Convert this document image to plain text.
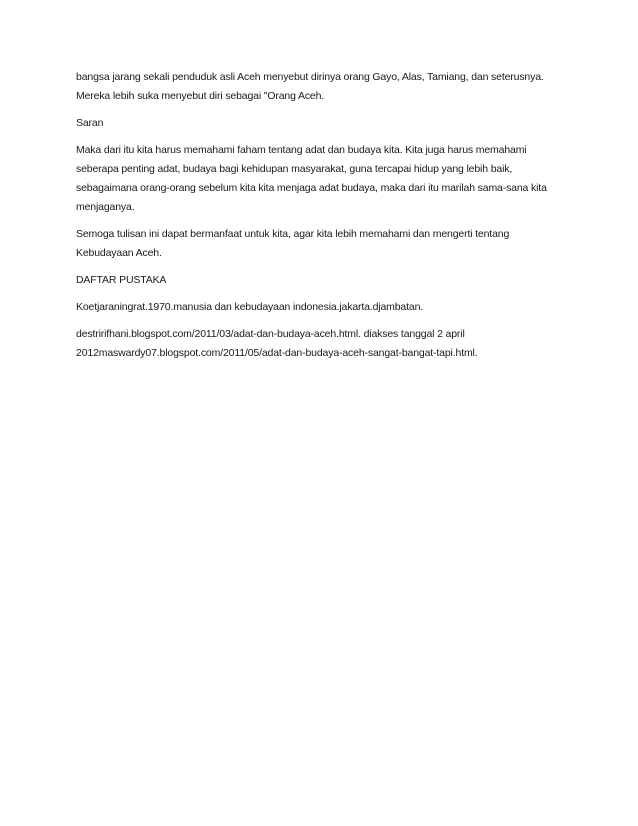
bangsa jarang sekali penduduk asli Aceh menyebut dirinya orang Gayo, Alas, Tamiang, dan seterusnya.
Mereka lebih suka menyebut diri sebagai "Orang Aceh.

Saran

Maka dari itu kita harus memahami faham tentang adat dan budaya kita. Kita juga harus memahami
seberapa penting adat, budaya bagi kehidupan masyarakat, guna tercapai hidup yang lebih baik,
sebagaimana orang-orang sebelum kita kita menjaga adat budaya, maka dari itu marilah sama-sana kita
menjaganya.

Semoga tulisan ini dapat bermanfaat untuk kita, agar kita lebih memahami dan mengerti tentang
Kebudayaan Aceh.

DAFTAR PUSTAKA

Koetjaraningrat.1970.manusia dan kebudayaan indonesia.jakarta.djambatan.

destririfhani.blogspot.com/2011/03/adat-dan-budaya-aceh.html. diakses tanggal 2 april
2012maswardy07.blogspot.com/2011/05/adat-dan-budaya-aceh-sangat-bangat-tapi.html.
